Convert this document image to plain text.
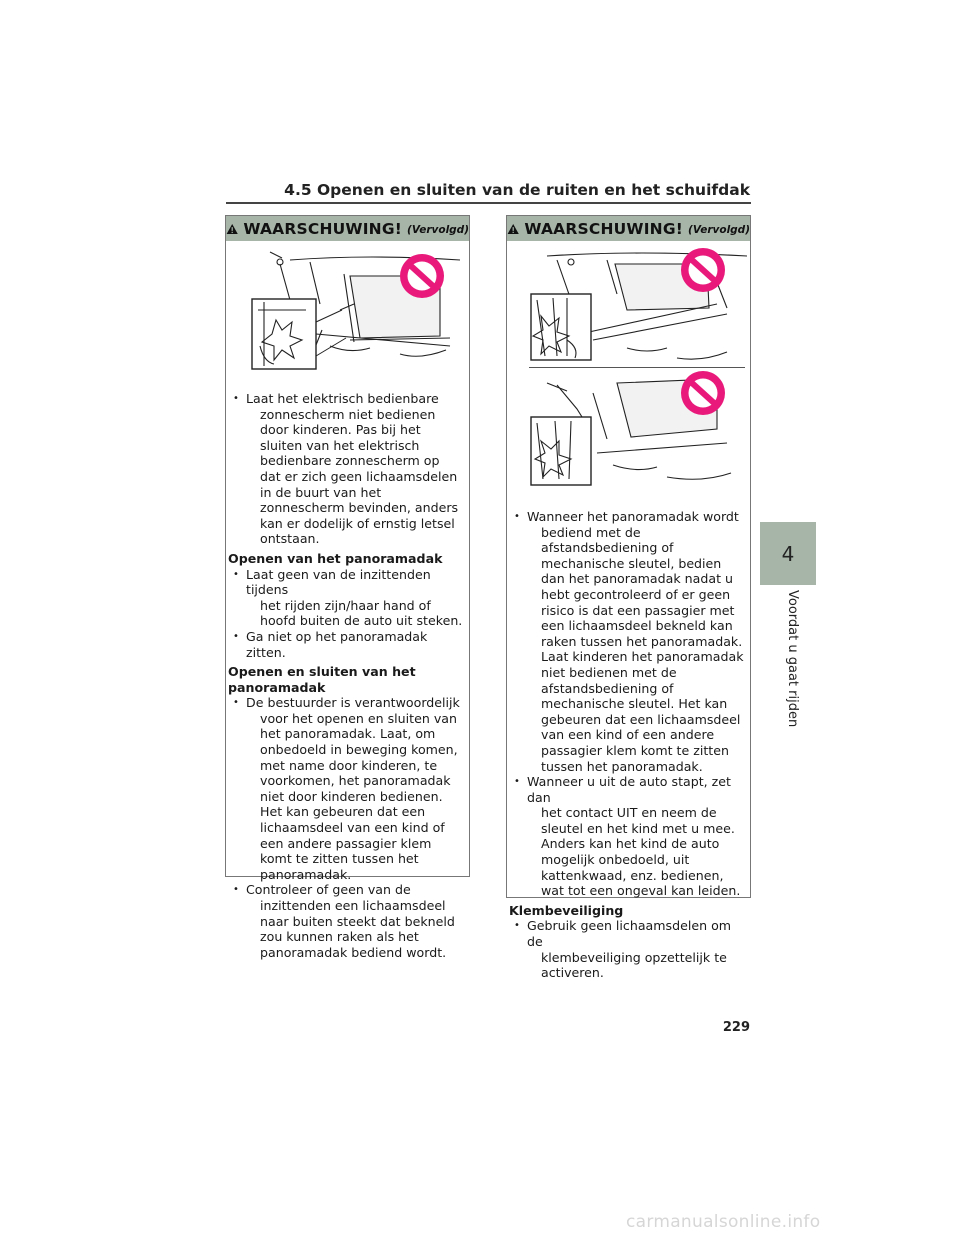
4.5 Openen en sluiten van de ruiten en het schuifdak
WAARSCHUWING! (Vervolgd)
• Laat het elektrisch bedienbare
zonnescherm niet bedienen door kinderen. Pas bij het sluiten van het elektrisch bedienbare zonnescherm op dat er zich geen lichaamsdelen in de buurt van het zonnescherm bevinden, anders kan er dodelijk of ernstig letsel ontstaan.
Openen van het panoramadak
• Laat geen van de inzittenden tijdens
het rijden zijn/haar hand of hoofd buiten de auto uit steken.
• Ga niet op het panoramadak zitten.
Openen en sluiten van het panoramadak
• De bestuurder is verantwoordelijk
voor het openen en sluiten van het panoramadak. Laat, om onbedoeld in beweging komen, met name door kinderen, te voorkomen, het panoramadak niet door kinderen bedienen. Het kan gebeuren dat een lichaamsdeel van een kind of een andere passagier klem komt te zitten tussen het panoramadak.
• Controleer of geen van de
inzittenden een lichaamsdeel naar buiten steekt dat bekneld zou kunnen raken als het panoramadak bediend wordt.
WAARSCHUWING! (Vervolgd)
• Wanneer het panoramadak wordt
bediend met de afstandsbediening of mechanische sleutel, bedien dan het panoramadak nadat u hebt gecontroleerd of er geen risico is dat een passagier met een lichaamsdeel bekneld kan raken tussen het panoramadak. Laat kinderen het panoramadak niet bedienen met de afstandsbediening of mechanische sleutel. Het kan gebeuren dat een lichaamsdeel van een kind of een andere passagier klem komt te zitten tussen het panoramadak.
• Wanneer u uit de auto stapt, zet dan
het contact UIT en neem de sleutel en het kind met u mee. Anders kan het kind de auto mogelijk onbedoeld, uit kattenkwaad, enz. bedienen, wat tot een ongeval kan leiden.
Klembeveiliging
• Gebruik geen lichaamsdelen om de
klembeveiliging opzettelijk te activeren.
4
Voordat u gaat rijden
229
carmanualsonline.info
